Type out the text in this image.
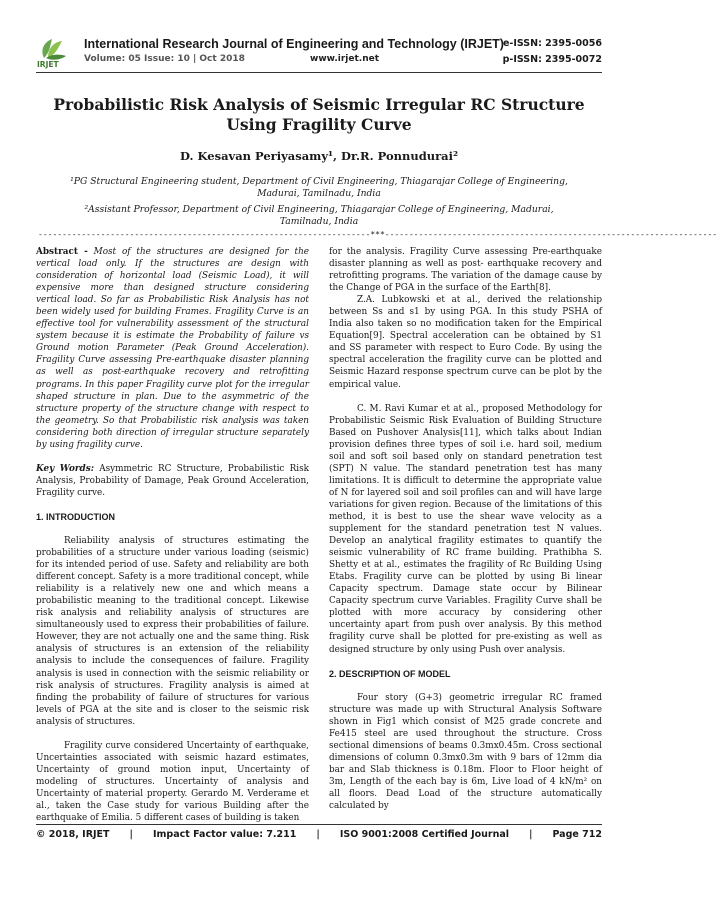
IRJET
International Research Journal of Engineering and Technology (IRJET)
e-ISSN: 2395-0056
Volume: 05 Issue: 10 | Oct 2018	www.irjet.net	p-ISSN: 2395-0072
Probabilistic Risk Analysis of Seismic Irregular RC Structure Using Fragility Curve
D. Kesavan Periyasamy¹, Dr.R. Ponnudurai²
¹PG Structural Engineering student, Department of Civil Engineering, Thiagarajar College of Engineering, Madurai, Tamilnadu, India
²Assistant Professor, Department of Civil Engineering, Thiagarajar College of Engineering, Madurai, Tamilnadu, India
---------------------------------------------------------------------***---------------------------------------------------------------------

Abstract - Most of the structures are designed for the vertical load only. If the structures are design with consideration of horizontal load (Seismic Load), it will expensive more than designed structure considering vertical load. So far as Probabilistic Risk Analysis has not been widely used for building Frames. Fragility Curve is an effective tool for vulnerability assessment of the structural system because it is estimate the Probability of failure vs Ground motion Parameter (Peak Ground Acceleration). Fragility Curve assessing Pre-earthquake disaster planning as well as post-earthquake recovery and retrofitting programs. In this paper Fragility curve plot for the irregular shaped structure in plan. Due to the asymmetric of the structure property of the structure change with respect to the geometry. So that Probabilistic risk analysis was taken considering both direction of irregular structure separately by using fragility curve.

Key Words: Asymmetric RC Structure, Probabilistic Risk Analysis, Probability of Damage, Peak Ground Acceleration, Fragility curve.

1. INTRODUCTION

Reliability analysis of structures estimating the probabilities of a structure under various loading (seismic) for its intended period of use. Safety and reliability are both different concept. Safety is a more traditional concept, while reliability is a relatively new one and which means a probabilistic meaning to the traditional concept. Likewise risk analysis and reliability analysis of structures are simultaneously used to express their probabilities of failure. However, they are not actually one and the same thing. Risk analysis of structures is an extension of the reliability analysis to include the consequences of failure. Fragility analysis is used in connection with the seismic reliability or risk analysis of structures. Fragility analysis is aimed at finding the probability of failure of structures for various levels of PGA at the site and is closer to the seismic risk analysis of structures.

Fragility curve considered Uncertainty of earthquake, Uncertainties associated with seismic hazard estimates, Uncertainty of ground motion input, Uncertainty of modeling of structures. Uncertainty of analysis and Uncertainty of material property. Gerardo M. Verderame et al., taken the Case study for various Building after the earthquake of Emilia. 5 different cases of building is taken

for the analysis. Fragility Curve assessing Pre-earthquake disaster planning as well as post- earthquake recovery and retrofitting programs. The variation of the damage cause by the Change of PGA in the surface of the Earth[8].

Z.A. Lubkowski et at al., derived the relationship between Ss and s1 by using PGA. In this study PSHA of India also taken so no modification taken for the Empirical Equation[9]. Spectral acceleration can be obtained by S1 and SS parameter with respect to Euro Code. By using the spectral acceleration the fragility curve can be plotted and Seismic Hazard response spectrum curve can be plot by the empirical value.

C. M. Ravi Kumar et at al., proposed Methodology for Probabilistic Seismic Risk Evaluation of Building Structure Based on Pushover Analysis[11], which talks about Indian provision defines three types of soil i.e. hard soil, medium soil and soft soil based only on standard penetration test (SPT) N value. The standard penetration test has many limitations. It is difficult to determine the appropriate value of N for layered soil and soil profiles can and will have large variations for given region. Because of the limitations of this method, it is best to use the shear wave velocity as a supplement for the standard penetration test N values. Develop an analytical fragility estimates to quantify the seismic vulnerability of RC frame building. Prathibha S. Shetty et at al., estimates the fragility of Rc Building Using Etabs. Fragility curve can be plotted by using Bi linear Capacity spectrum. Damage state occur by Bilinear Capacity spectrum curve Variables. Fragility Curve shall be plotted with more accuracy by considering other uncertainty apart from push over analysis. By this method fragility curve shall be plotted for pre-existing as well as designed structure by only using Push over analysis.

2. DESCRIPTION OF MODEL

Four story (G+3) geometric irregular RC framed structure was made up with Structural Analysis Software shown in Fig1 which consist of M25 grade concrete and Fe415 steel are used throughout the structure. Cross sectional dimensions of beams 0.3mx0.45m. Cross sectional dimensions of column 0.3mx0.3m with 9 bars of 12mm dia bar and Slab thickness is 0.18m. Floor to Floor height of 3m, Length of the each bay is 6m, Live load of 4 kN/m² on all floors. Dead Load of the structure automatically calculated by

© 2018, IRJET | Impact Factor value: 7.211 | ISO 9001:2008 Certified Journal | Page 712
